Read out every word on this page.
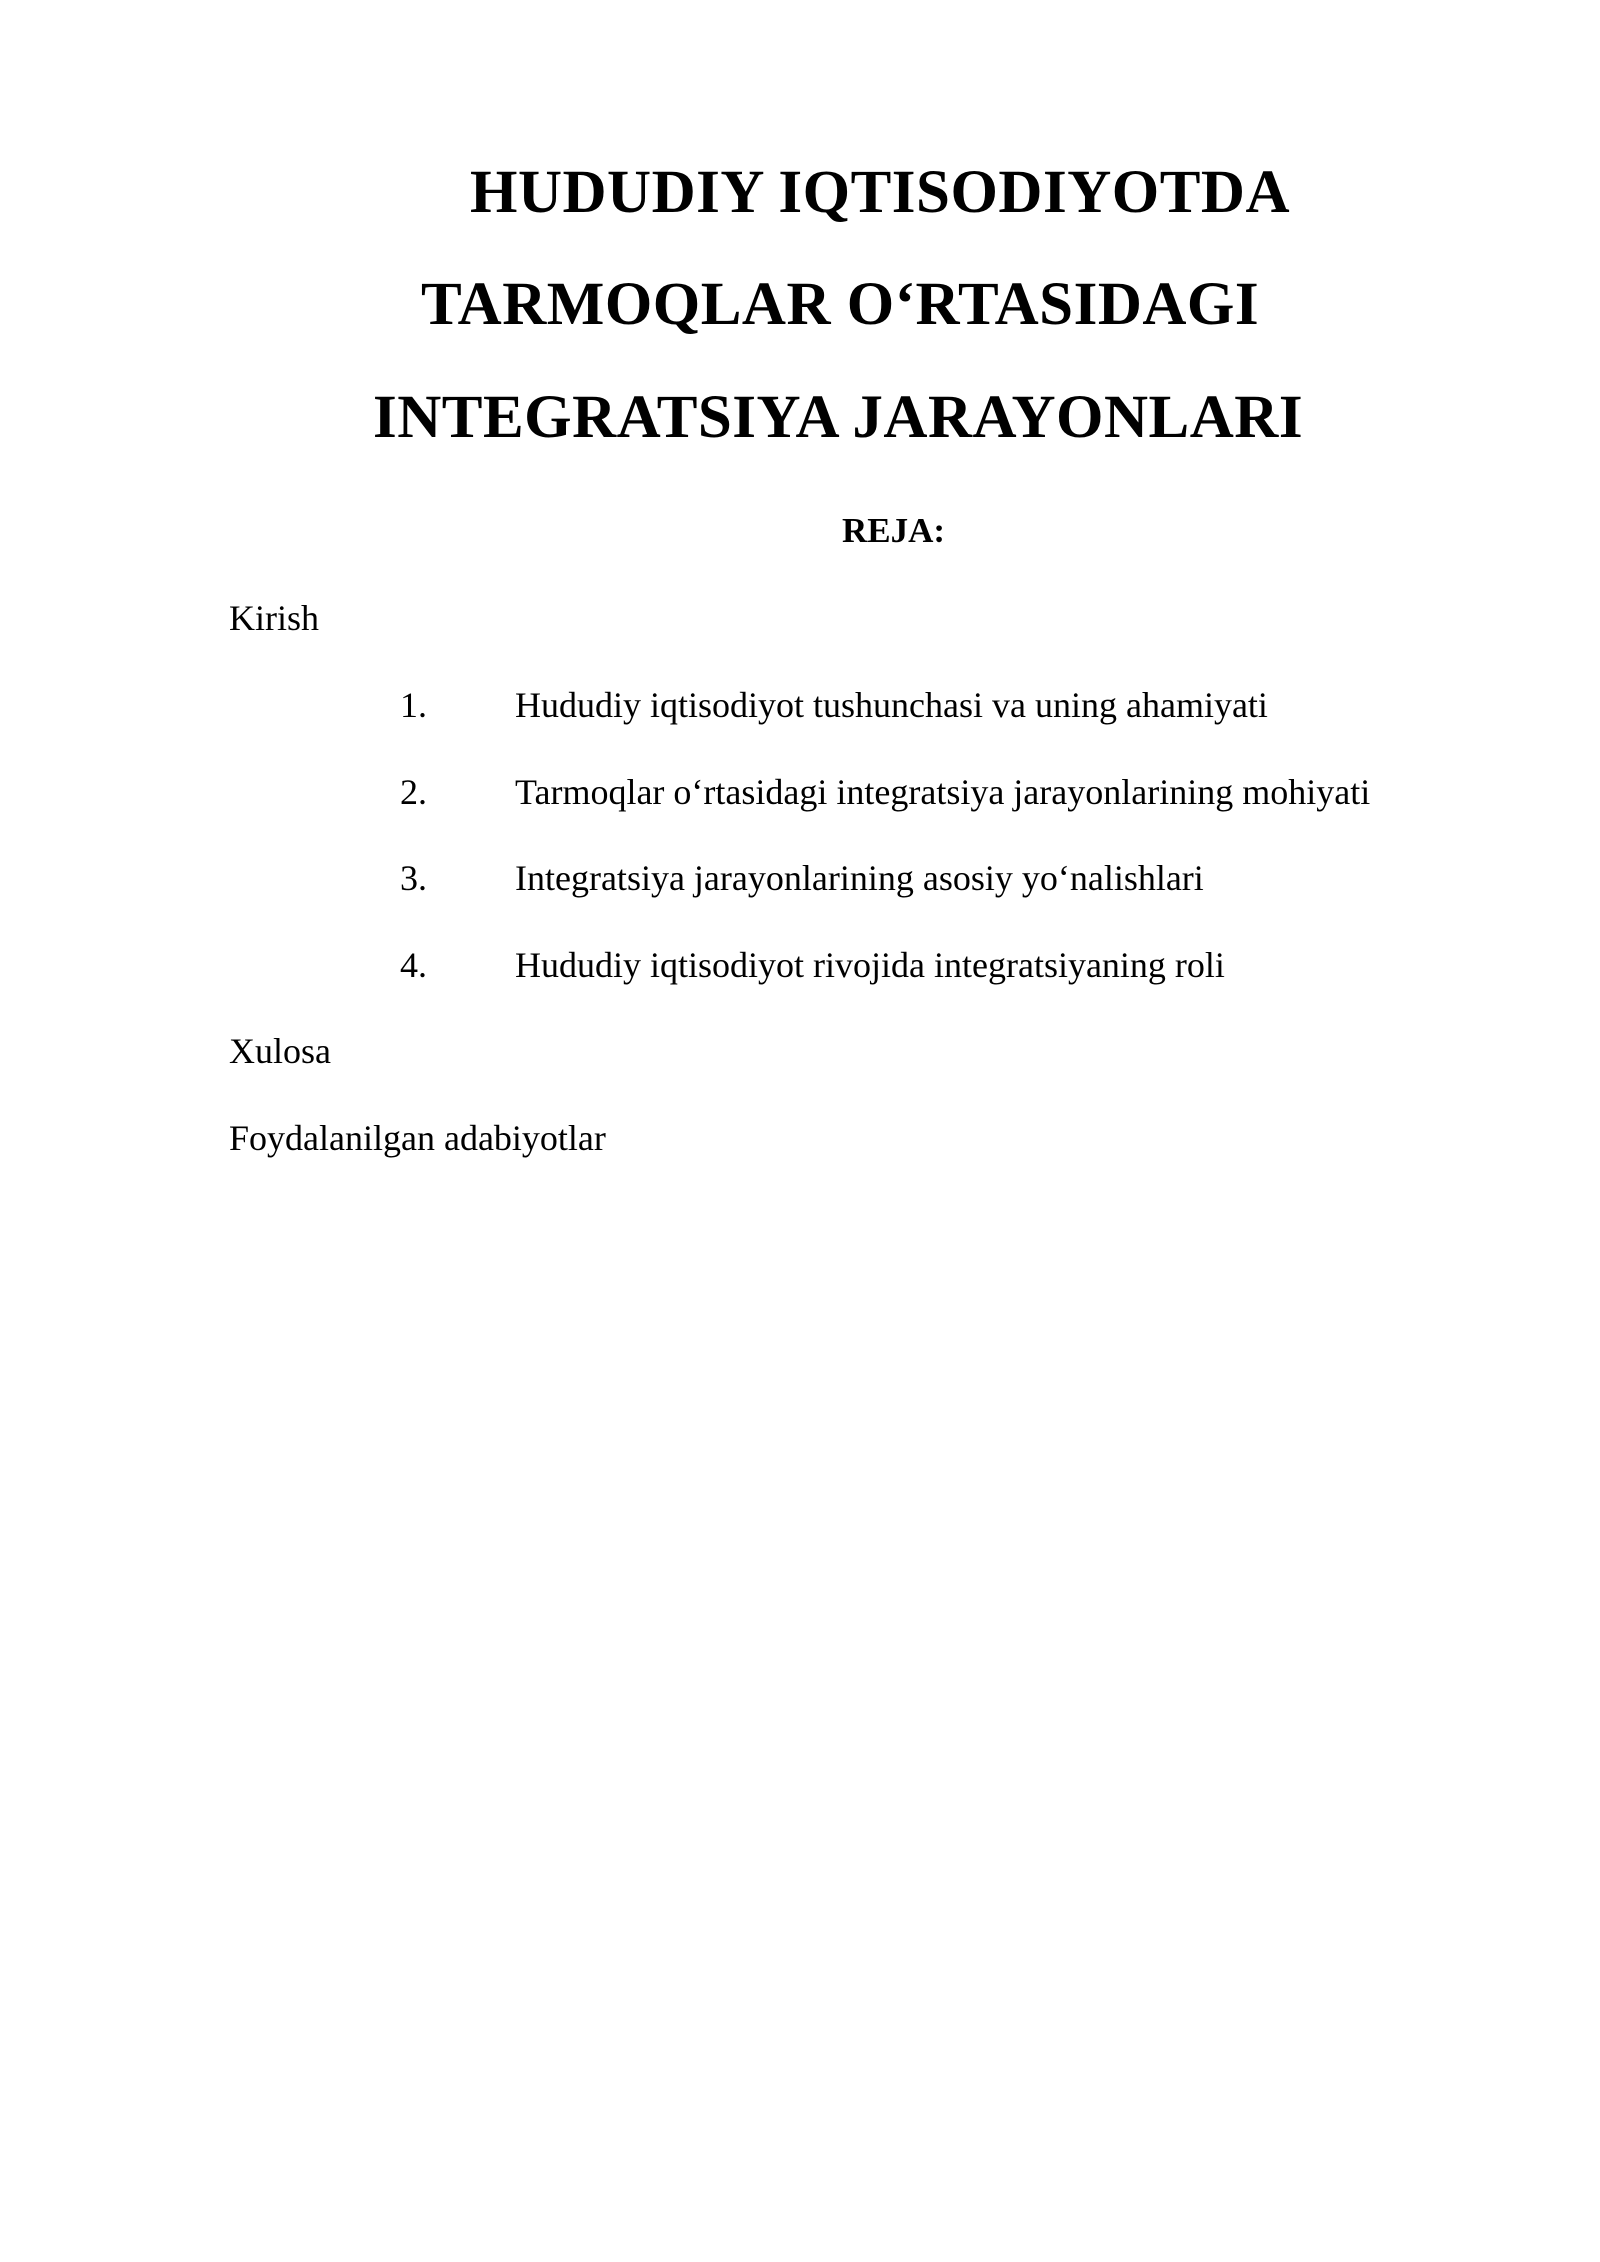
HUDUDIY IQTISODIYOTDA
TARMOQLAR O‘RTASIDAGI
INTEGRATSIYA JARAYONLARI
REJA:
Kirish
1. Hududiy iqtisodiyot tushunchasi va uning ahamiyati
2. Tarmoqlar o‘rtasidagi integratsiya jarayonlarining mohiyati
3. Integratsiya jarayonlarining asosiy yo‘nalishlari
4. Hududiy iqtisodiyot rivojida integratsiyaning roli
Xulosa
Foydalanilgan adabiyotlar
